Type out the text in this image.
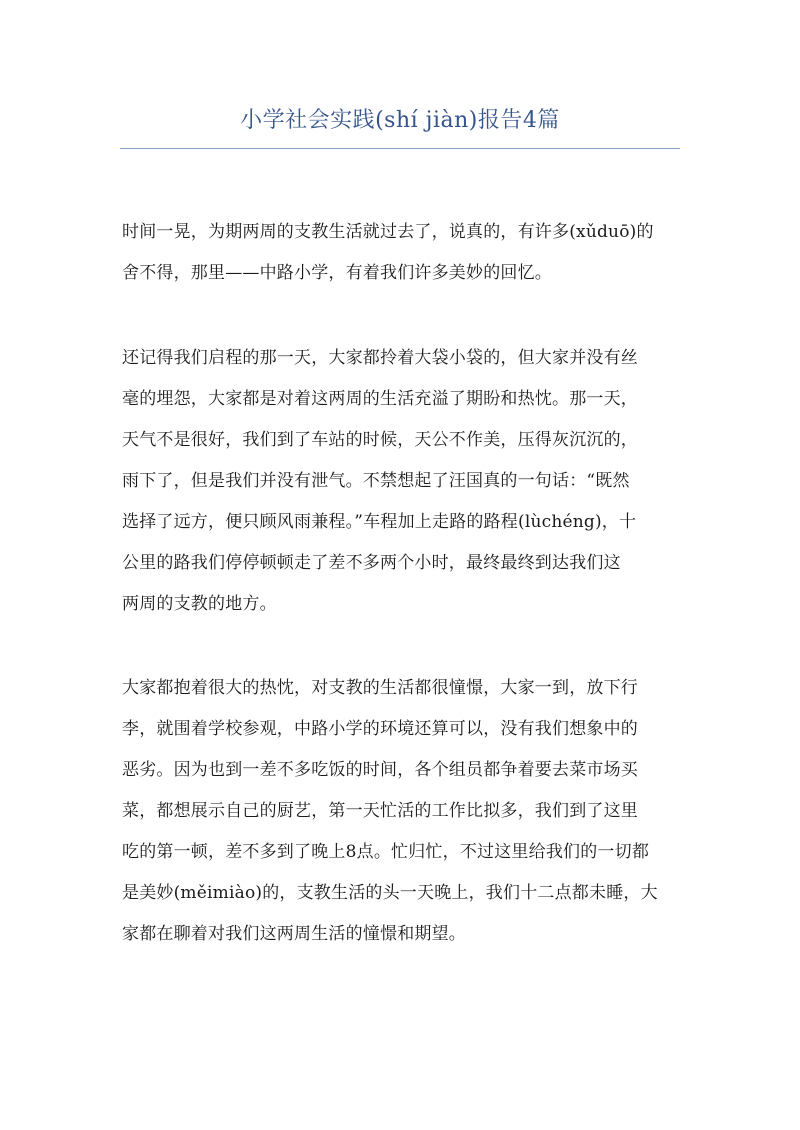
小学社会实践(shí jiàn)报告4篇

时间一晃，为期两周的支教生活就过去了，说真的，有许多(xǔduō)的
舍不得，那里——中路小学，有着我们许多美妙的回忆。

还记得我们启程的那一天，大家都拎着大袋小袋的，但大家并没有丝
毫的埋怨，大家都是对着这两周的生活充溢了期盼和热忱。那一天，
天气不是很好，我们到了车站的时候，天公不作美，压得灰沉沉的，
雨下了，但是我们并没有泄气。不禁想起了汪国真的一句话：“既然
选择了远方，便只顾风雨兼程。”车程加上走路的路程(lùchéng)，十
公里的路我们停停顿顿走了差不多两个小时，最终最终到达我们这
两周的支教的地方。

大家都抱着很大的热忱，对支教的生活都很憧憬，大家一到，放下行
李，就围着学校参观，中路小学的环境还算可以，没有我们想象中的
恶劣。因为也到一差不多吃饭的时间，各个组员都争着要去菜市场买
菜，都想展示自己的厨艺，第一天忙活的工作比拟多，我们到了这里
吃的第一顿，差不多到了晚上8点。忙归忙，不过这里给我们的一切都
是美妙(měimiào)的，支教生活的头一天晚上，我们十二点都未睡，大
家都在聊着对我们这两周生活的憧憬和期望。
